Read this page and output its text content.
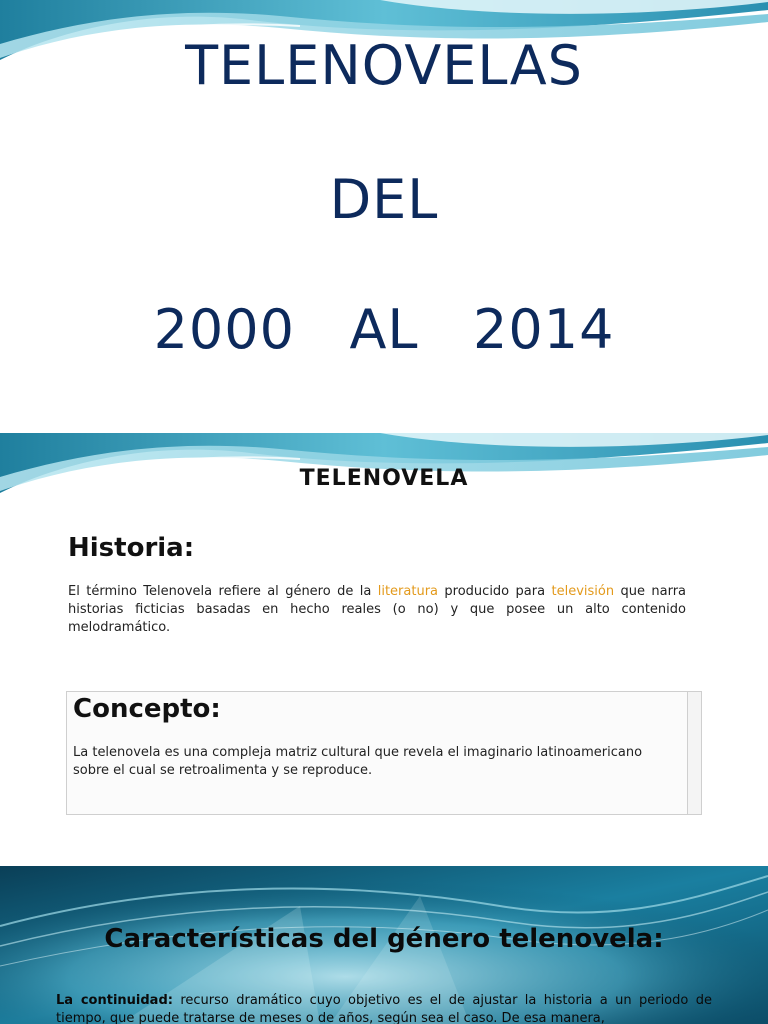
TELENOVELAS
DEL
2000   AL   2014
TELENOVELA
Historia:
El término Telenovela refiere al género de la literatura producido para televisión que narra historias ficticias basadas en hecho reales (o no) y que posee un alto contenido melodramático.
Concepto:
La telenovela es una compleja matriz cultural que revela el imaginario latinoamericano sobre el cual se retroalimenta y se reproduce.
Características del género telenovela:
La continuidad: recurso dramático cuyo objetivo es el de ajustar la historia a un periodo de tiempo, que puede tratarse de meses o de años, según sea el caso. De esa manera,
